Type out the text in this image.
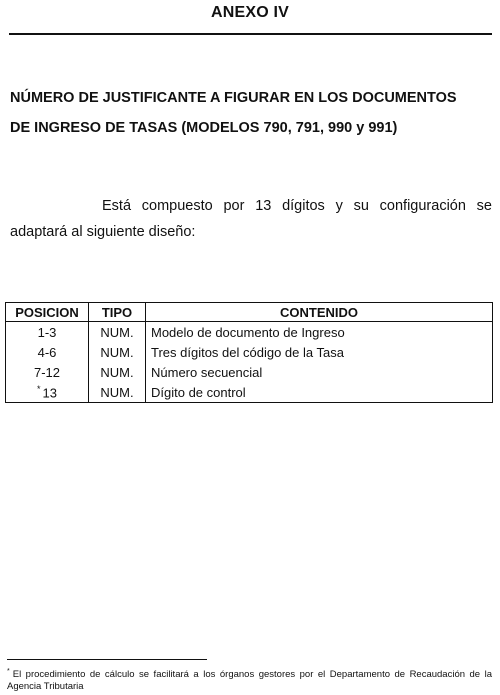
ANEXO IV
NÚMERO DE JUSTIFICANTE A FIGURAR EN LOS DOCUMENTOS
DE INGRESO DE TASAS (MODELOS 790, 791, 990 y 991)
Está compuesto por 13 dígitos y su configuración se
adaptará al siguiente diseño:
POSICION	TIPO	CONTENIDO
1-3	NUM.	Modelo de documento de Ingreso
4-6	NUM.	Tres dígitos del código de la Tasa
7-12	NUM.	Número secuencial
* 13	NUM.	Dígito de control
* El procedimiento de cálculo se facilitará a los órganos gestores por el Departamento de Recaudación de la Agencia Tributaria
